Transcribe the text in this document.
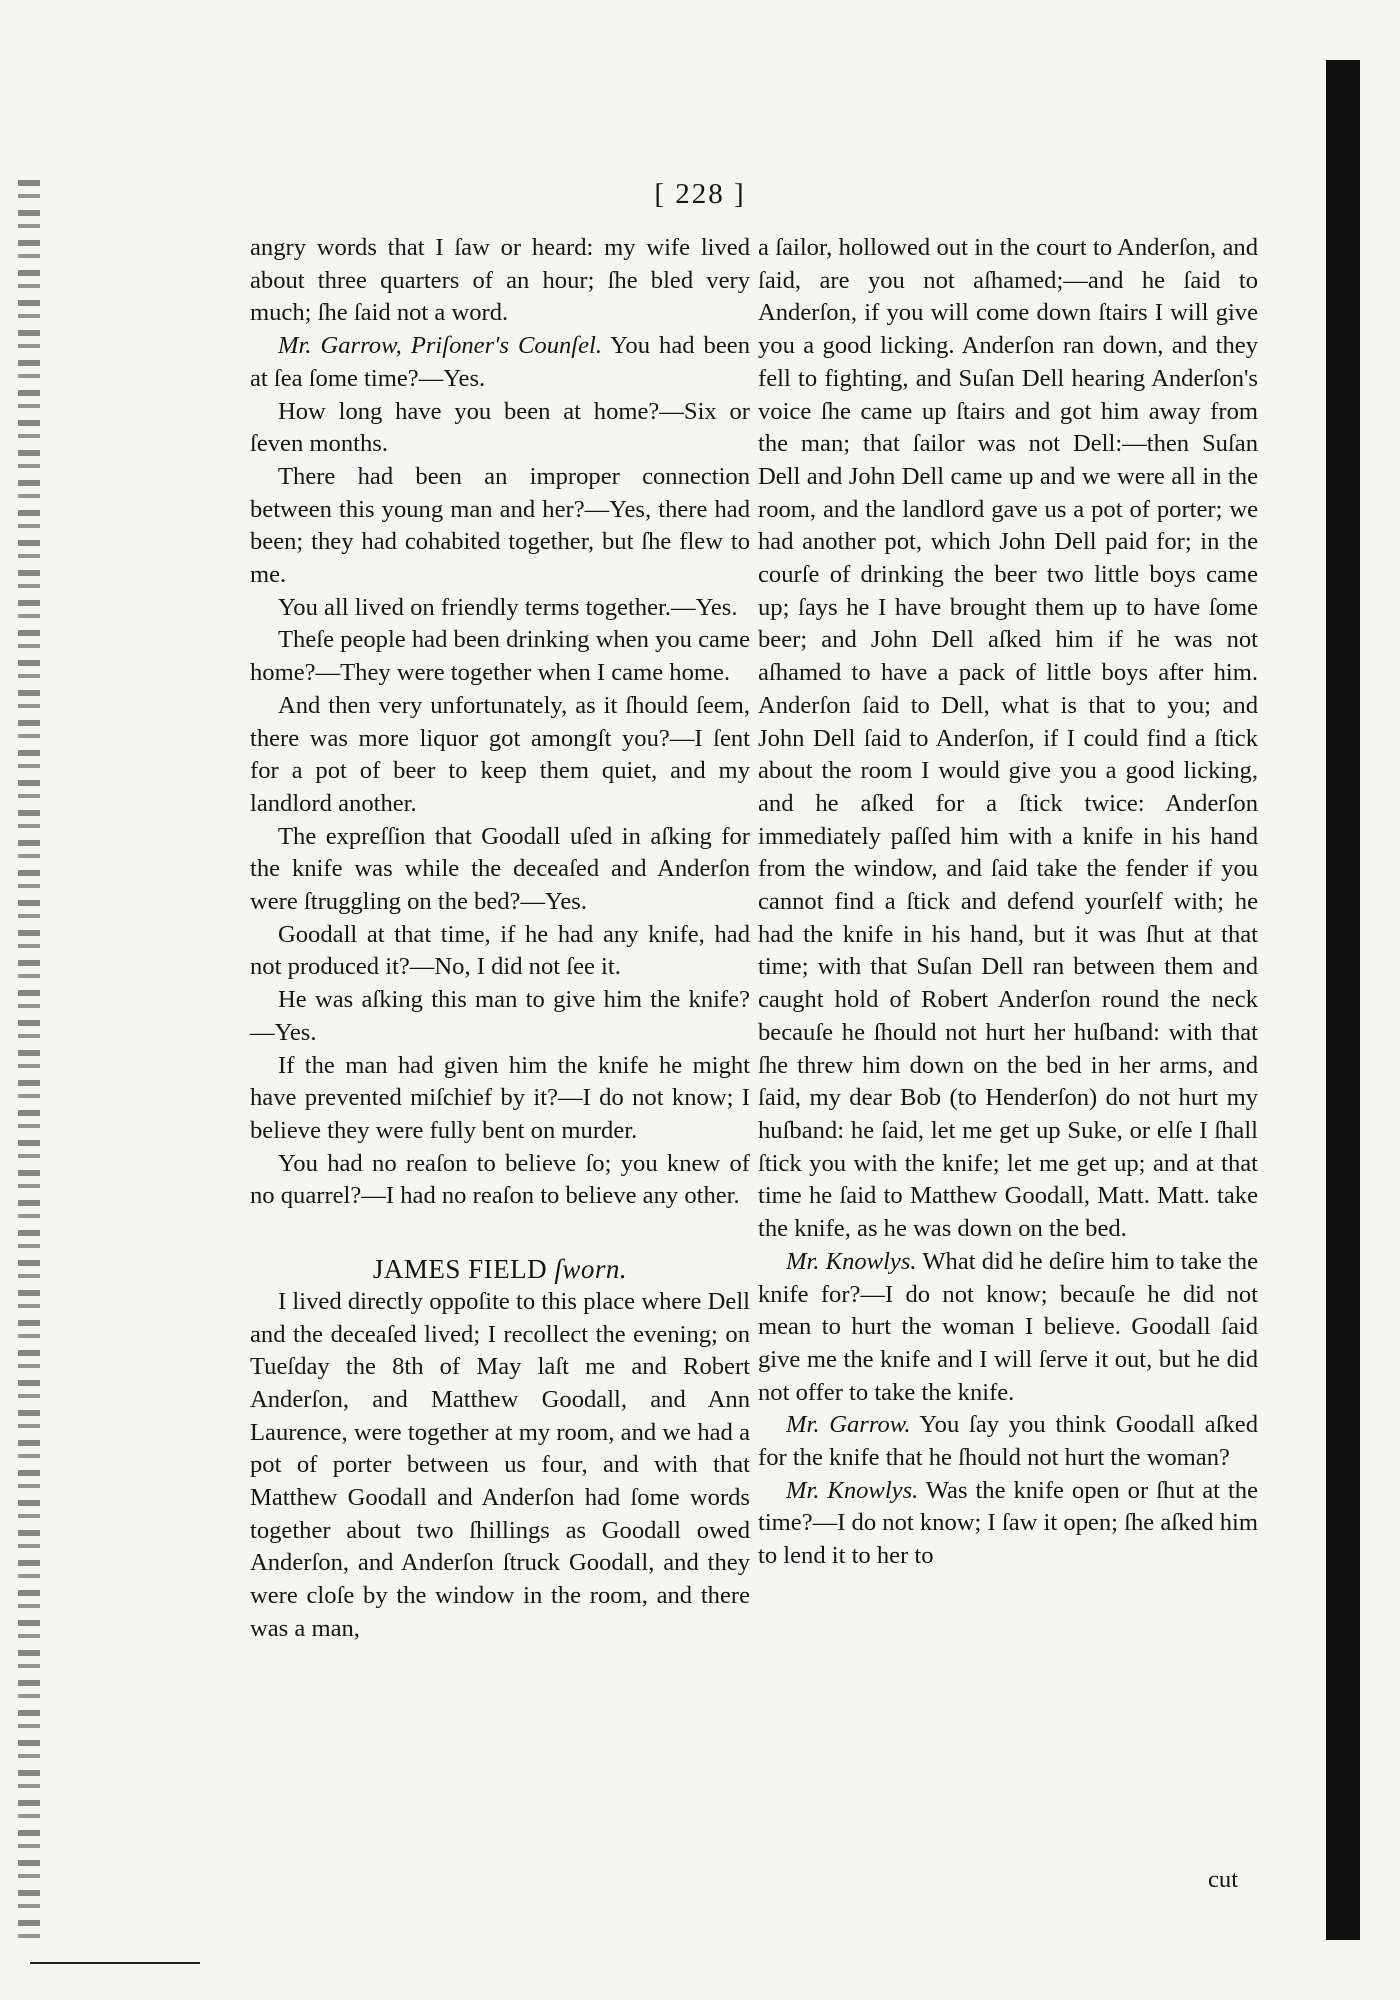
[ 228 ]

angry words that I ſaw or heard: my wife lived about three quarters of an hour; ſhe bled very much; ſhe ſaid not a word.

Mr. Garrow, Priſoner's Counſel. You had been at ſea ſome time?—Yes.

How long have you been at home?—Six or ſeven months.

There had been an improper connection between this young man and her?—Yes, there had been; they had cohabited together, but ſhe flew to me.

You all lived on friendly terms together.—Yes.

Theſe people had been drinking when you came home?—They were together when I came home.

And then very unfortunately, as it ſhould ſeem, there was more liquor got amongſt you?—I ſent for a pot of beer to keep them quiet, and my landlord another.

The expreſſion that Goodall uſed in aſking for the knife was while the deceaſed and Anderſon were ſtruggling on the bed?—Yes.

Goodall at that time, if he had any knife, had not produced it?—No, I did not ſee it.

He was aſking this man to give him the knife?—Yes.

If the man had given him the knife he might have prevented miſchief by it?—I do not know; I believe they were fully bent on murder.

You had no reaſon to believe ſo; you knew of no quarrel?—I had no reaſon to believe any other.

JAMES FIELD ſworn.

I lived directly oppoſite to this place where Dell and the deceaſed lived; I recollect the evening; on Tueſday the 8th of May laſt me and Robert Anderſon, and Matthew Goodall, and Ann Laurence, were together at my room, and we had a pot of porter between us four, and with that Matthew Goodall and Anderſon had ſome words together about two ſhillings as Goodall owed Anderſon, and Anderſon ſtruck Goodall, and they were cloſe by the window in the room, and there was a man,

a ſailor, hollowed out in the court to Anderſon, and ſaid, are you not aſhamed;—and he ſaid to Anderſon, if you will come down ſtairs I will give you a good licking. Anderſon ran down, and they fell to fighting, and Suſan Dell hearing Anderſon's voice ſhe came up ſtairs and got him away from the man; that ſailor was not Dell:—then Suſan Dell and John Dell came up and we were all in the room, and the landlord gave us a pot of porter; we had another pot, which John Dell paid for; in the courſe of drinking the beer two little boys came up; ſays he I have brought them up to have ſome beer; and John Dell aſked him if he was not aſhamed to have a pack of little boys after him. Anderſon ſaid to Dell, what is that to you; and John Dell ſaid to Anderſon, if I could find a ſtick about the room I would give you a good licking, and he aſked for a ſtick twice: Anderſon immediately paſſed him with a knife in his hand from the window, and ſaid take the fender if you cannot find a ſtick and defend yourſelf with; he had the knife in his hand, but it was ſhut at that time; with that Suſan Dell ran between them and caught hold of Robert Anderſon round the neck becauſe he ſhould not hurt her huſband: with that ſhe threw him down on the bed in her arms, and ſaid, my dear Bob (to Henderſon) do not hurt my huſband: he ſaid, let me get up Suke, or elſe I ſhall ſtick you with the knife; let me get up; and at that time he ſaid to Matthew Goodall, Matt. Matt. take the knife, as he was down on the bed.

Mr. Knowlys. What did he deſire him to take the knife for?—I do not know; becauſe he did not mean to hurt the woman I believe. Goodall ſaid give me the knife and I will ſerve it out, but he did not offer to take the knife.

Mr. Garrow. You ſay you think Goodall aſked for the knife that he ſhould not hurt the woman?

Mr. Knowlys. Was the knife open or ſhut at the time?—I do not know; I ſaw it open; ſhe aſked him to lend it to her to

cut
